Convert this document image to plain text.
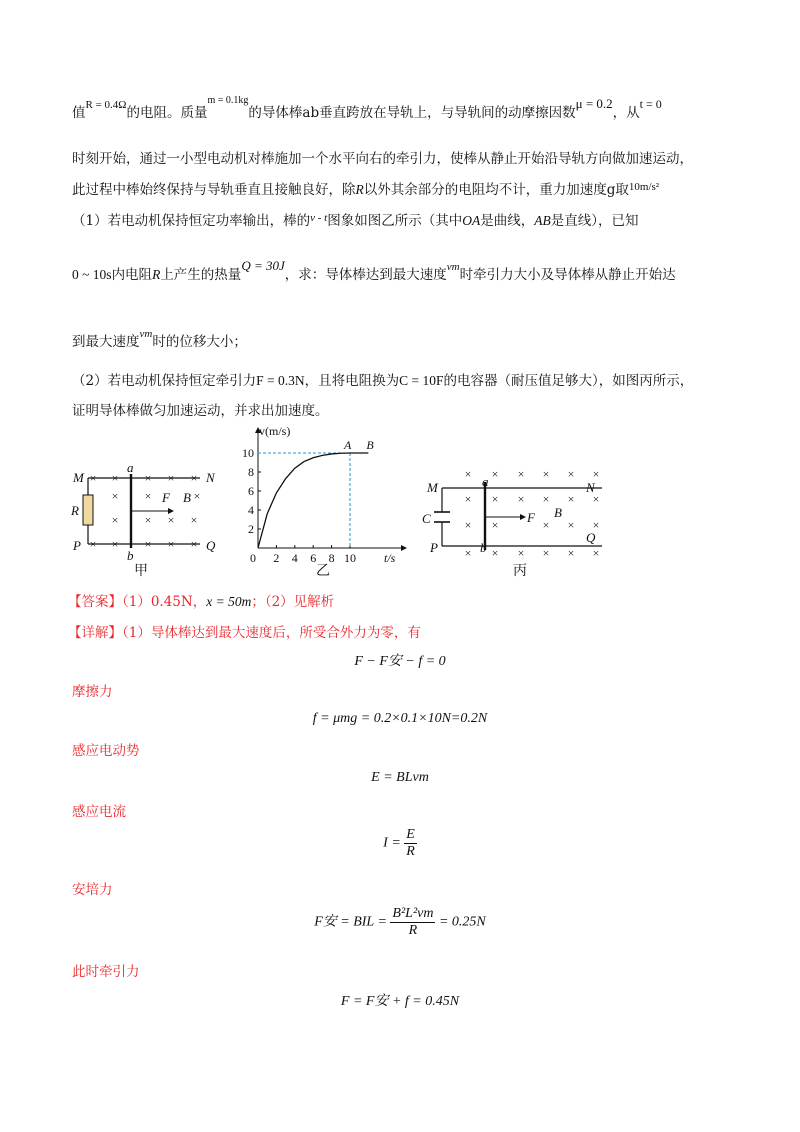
值$^{R = 0.4\Omega}$的电阻。质量$^{m = 0.1kg}$的导体棒ab垂直跨放在导轨上，与导轨间的动摩擦因数μ = 0.2，从t = 0
时刻开始，通过一小型电动机对棒施加一个水平向右的牵引力，使棒从静止开始沿导轨方向做加速运动，
此过程中棒始终保持与导轨垂直且接触良好，除R以外其余部分的电阻均不计，重力加速度g取$^{10m/s^2}$
（1）若电动机保持恒定功率输出，棒的$^{v - t}$图象如图乙所示（其中OA是曲线，AB是直线），已知
0 ~ 10s内电阻R上产生的热量Q = 30J，求：导体棒达到最大速度$^{vm}$时牵引力大小及导体棒从静止开始达
到最大速度$^{vm}$时的位移大小；
（2）若电动机保持恒定牵引力F = 0.3N，且将电阻换为C = 10F的电容器（耐压值足够大），如图丙所示，
证明导体棒做匀加速运动，并求出加速度。
× × × × ×
× ×	×
× × × ×
× × × × ×
M	N
P	Q
a
b
R
F B
甲
2 4 6 8 10
2
4
6
8
10
A B
v(m/s)
t/s
0
乙
× × × × × ×
× × × × × ×
× ×	× × ×
× × × × × ×
M	N
P
Q
a
b
C	F B
丙
【答案】（1）0.45N，x = 50m；（2）见解析
【详解】（1）导体棒达到最大速度后，所受合外力为零，有
F − F安 − f = 0
摩擦力
f = μmg = 0.2×0.1×10N=0.2N
感应电动势
E = BLvm
感应电流
$I = \frac{E}{R}$
安培力
F安 = BIL = $\frac{\text{B²L²vm}}{R} = 0.25N$
此时牵引力
F = F安 + f = 0.45N
